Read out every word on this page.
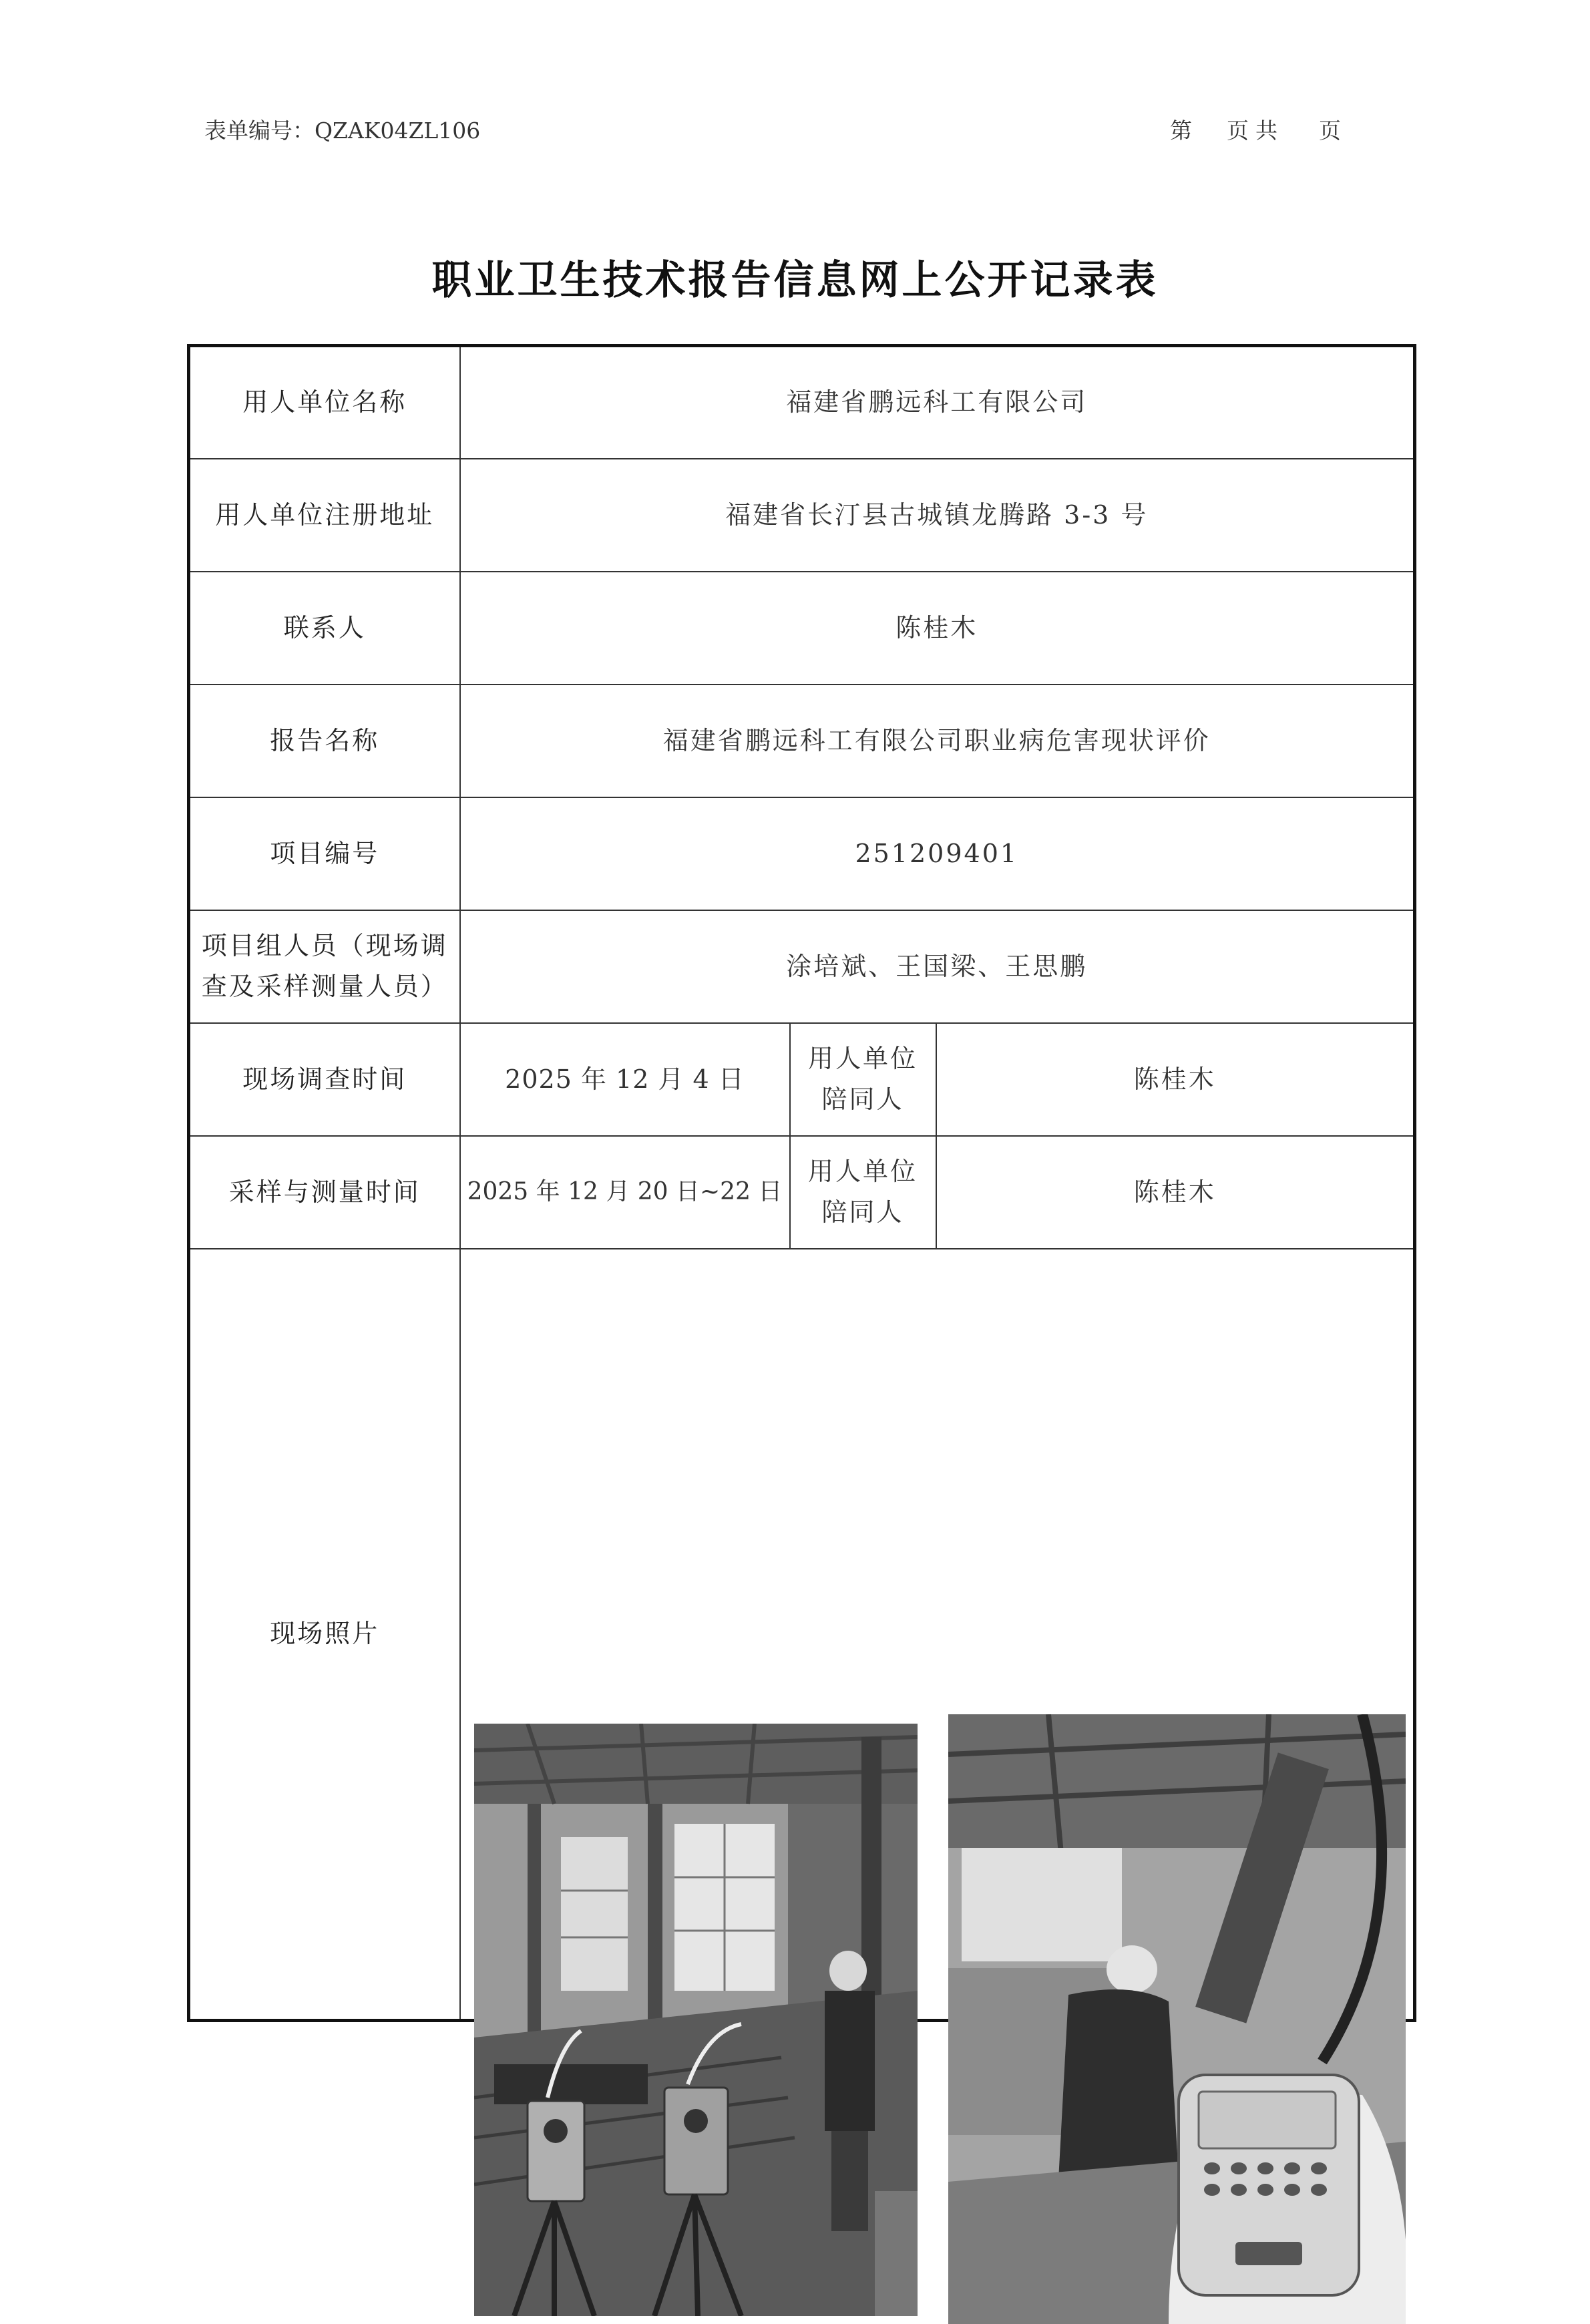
表单编号：QZAK04ZL106	第 页共 页
职业卫生技术报告信息网上公开记录表
用人单位名称	福建省鹏远科工有限公司		
用人单位注册地址	福建省长汀县古城镇龙腾路 3-3 号		
联系人	陈桂木		
报告名称	福建省鹏远科工有限公司职业病危害现状评价		
项目编号	251209401		
项目组人员（现场调查及采样测量人员）	涂培斌、王国梁、王思鹏		
现场调查时间	2025 年 12 月 4 日	用人单位陪同人	陈桂木
采样与测量时间	2025 年 12 月 20 日~22 日	用人单位陪同人	陈桂木
现场照片	
